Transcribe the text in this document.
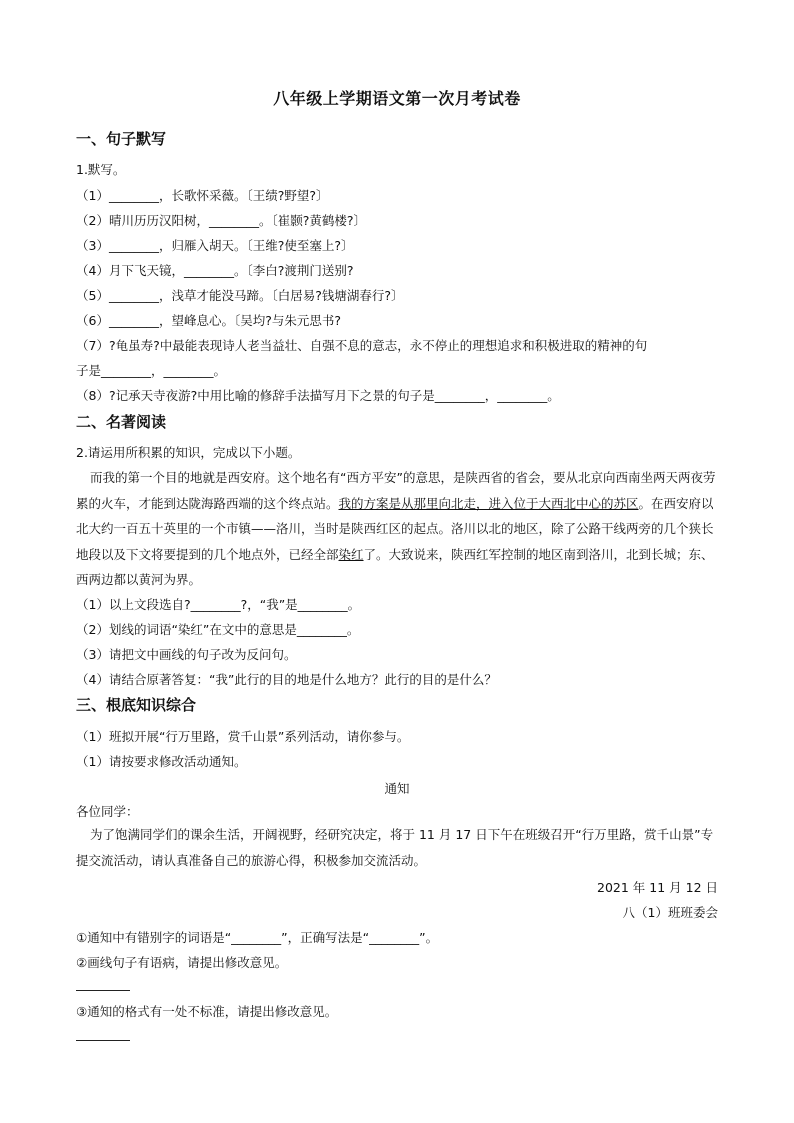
八年级上学期语文第一次月考试卷
一、句子默写
1.默写。
（1）________，长歌怀采薇。〔王绩?野望?〕
（2）晴川历历汉阳树，________。〔崔颢?黄鹤楼?〕
（3）________，归雁入胡天。〔王维?使至塞上?〕
（4）月下飞天镜，________。〔李白?渡荆门送别?
（5）________，浅草才能没马蹄。〔白居易?钱塘湖春行?〕
（6）________，望峰息心。〔吴均?与朱元思书?
（7）?龟虽寿?中最能表现诗人老当益壮、自强不息的意志，永不停止的理想追求和积极进取的精神的句
子是________，________。
（8）?记承天寺夜游?中用比喻的修辞手法描写月下之景的句子是________，________。
二、名著阅读
2.请运用所积累的知识，完成以下小题。
而我的第一个目的地就是西安府。这个地名有“西方平安”的意思，是陕西省的省会，要从北京向西南坐两天两夜劳累的火车，才能到达陇海路西端的这个终点站。我的方案是从那里向北走，进入位于大西北中心的苏区。在西安府以北大约一百五十英里的一个市镇——洛川，当时是陕西红区的起点。洛川以北的地区，除了公路干线两旁的几个狭长地段以及下文将要提到的几个地点外，已经全部染红了。大致说来，陕西红军控制的地区南到洛川，北到长城；东、西两边都以黄河为界。
（1）以上文段选自?________?，“我”是________。
（2）划线的词语“染红”在文中的意思是________。
（3）请把文中画线的句子改为反问句。
（4）请结合原著答复：“我”此行的目的地是什么地方？此行的目的是什么？
三、根底知识综合
（1）班拟开展“行万里路，赏千山景”系列活动，请你参与。
（1）请按要求修改活动通知。
通知
各位同学：
为了饱满同学们的课余生活，开阔视野，经研究决定，将于 11 月 17 日下午在班级召开“行万里路，赏千山景”专提交流活动，请认真准备自己的旅游心得，积极参加交流活动。
2021 年 11 月 12 日
八（1）班班委会
①通知中有错别字的词语是“________”，正确写法是“________”。
②画线句子有语病，请提出修改意见。
③通知的格式有一处不标准，请提出修改意见。
